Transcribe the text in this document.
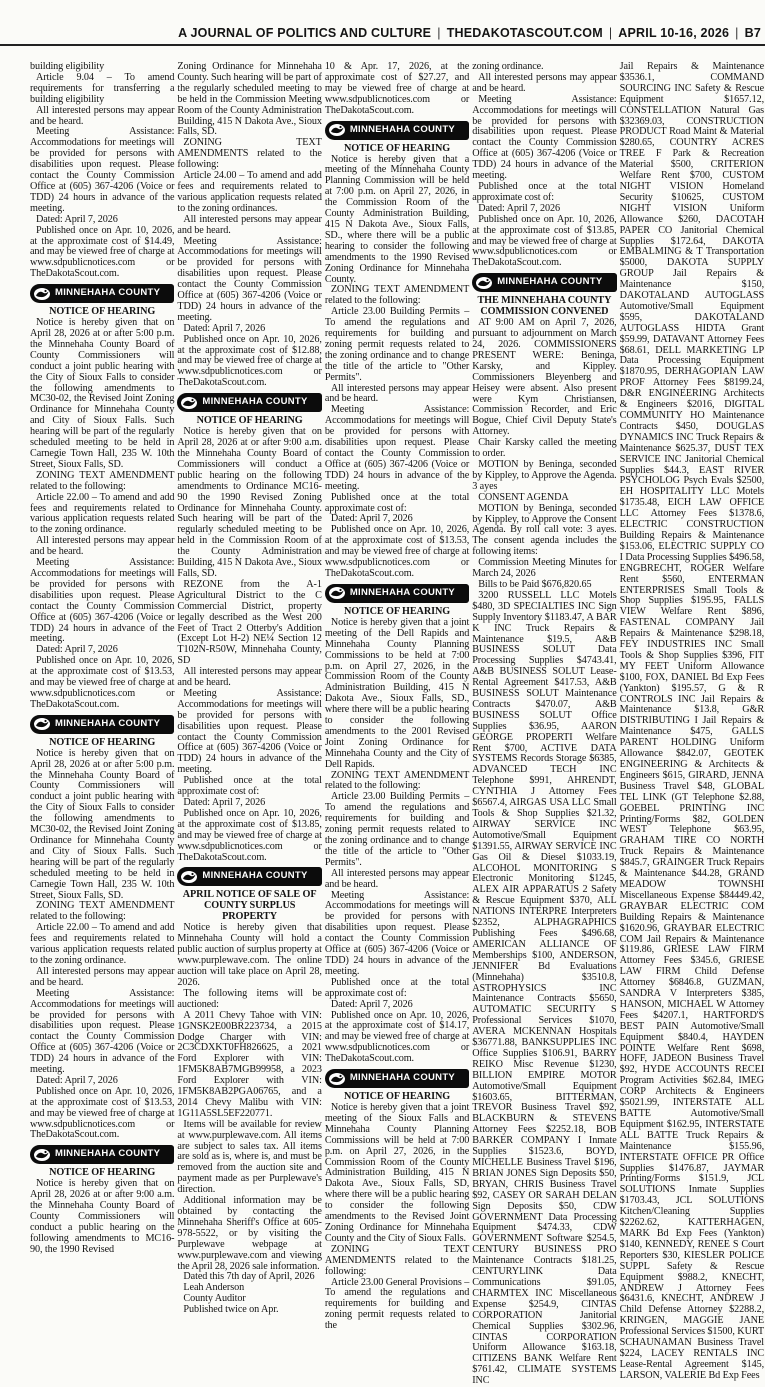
A JOURNAL OF POLITICS AND CULTURE | THEDAKOTASCOUT.COM | APRIL 10-16, 2026 | B7

building eligibility

Article 9.04 – To amend requirements for transferring a building eligibility

All interested persons may appear and be heard.

Meeting Assistance: Accommodations for meetings will be provided for persons with disabilities upon request. Please contact the County Commission Office at (605) 367-4206 (Voice or TDD) 24 hours in advance of the meeting.

Dated: April 7, 2026

Published once on Apr. 10, 2026, at the approximate cost of $14.49, and may be viewed free of charge at www.sdpublicnotices.com or TheDakotaScout.com.

MINNEHAHA COUNTY
NOTICE OF HEARING

Notice is hereby given that on April 28, 2026 at or after 5:00 p.m. the Minnehaha County Board of County Commissioners will conduct a joint public hearing with the City of Sioux Falls to consider the following amendments to MC30-02, the Revised Joint Zoning Ordinance for Minnehaha County and City of Sioux Falls. Such hearing will be part of the regularly scheduled meeting to be held in Carnegie Town Hall, 235 W. 10th Street, Sioux Falls, SD.

ZONING TEXT AMENDMENT related to the following:

Article 22.00 – To amend and add fees and requirements related to various application requests related to the zoning ordinance.

All interested persons may appear and be heard.

Meeting Assistance: Accommodations for meetings will be provided for persons with disabilities upon request. Please contact the County Commission Office at (605) 367-4206 (Voice or TDD) 24 hours in advance of the meeting.

Dated: April 7, 2026

Published once on Apr. 10, 2026, at the approximate cost of $13.53, and may be viewed free of charge at www.sdpublicnotices.com or TheDakotaScout.com.

MINNEHAHA COUNTY
NOTICE OF HEARING

Notice is hereby given that on April 28, 2026 at or after 5:00 p.m. the Minnehaha County Board of County Commissioners will conduct a joint public hearing with the City of Sioux Falls to consider the following amendments to MC30-02, the Revised Joint Zoning Ordinance for Minnehaha County and City of Sioux Falls. Such hearing will be part of the regularly scheduled meeting to be held in Carnegie Town Hall, 235 W. 10th Street, Sioux Falls, SD.

ZONING TEXT AMENDMENT related to the following:

Article 22.00 – To amend and add fees and requirements related to various application requests related to the zoning ordinance.

All interested persons may appear and be heard.

Meeting Assistance: Accommodations for meetings will be provided for persons with disabilities upon request. Please contact the County Commission Office at (605) 367-4206 (Voice or TDD) 24 hours in advance of the meeting.

Dated: April 7, 2026

Published once on Apr. 10, 2026, at the approximate cost of $13.53, and may be viewed free of charge at www.sdpublicnotices.com or TheDakotaScout.com.

MINNEHAHA COUNTY
NOTICE OF HEARING

Notice is hereby given that on April 28, 2026 at or after 9:00 a.m. the Minnehaha County Board of County Commissioners will conduct a public hearing on the following amendments to MC16-90, the 1990 Revised

Zoning Ordinance for Minnehaha County. Such hearing will be part of the regularly scheduled meeting to be held in the Commission Meeting Room of the County Administration Building, 415 N Dakota Ave., Sioux Falls, SD.

ZONING TEXT AMENDMENTS related to the following:

Article 24.00 – To amend and add fees and requirements related to various application requests related to the zoning ordinances.

All interested persons may appear and be heard.

Meeting Assistance: Accommodations for meetings will be provided for persons with disabilities upon request. Please contact the County Commission Office at (605) 367-4206 (Voice or TDD) 24 hours in advance of the meeting.

Dated: April 7, 2026

Published once on Apr. 10, 2026, at the approximate cost of $12.88, and may be viewed free of charge at www.sdpublicnotices.com or TheDakotaScout.com.

MINNEHAHA COUNTY
NOTICE OF HEARING

Notice is hereby given that on April 28, 2026 at or after 9:00 a.m. the Minnehaha County Board of Commissioners will conduct a public hearing on the following amendments to Ordinance MC16-90 the 1990 Revised Zoning Ordinance for Minnehaha County. Such hearing will be part of the regularly scheduled meeting to be held in the Commission Room of the County Administration Building, 415 N Dakota Ave., Sioux Falls, SD.

REZONE from the A-1 Agricultural District to the C Commercial District, property legally described as the West 200 Feet of Tract 2 Otterby's Addition (Except Lot H-2) NE¼ Section 12 T102N-R50W, Minnehaha County, SD

All interested persons may appear and be heard.

Meeting Assistance: Accommodations for meetings will be provided for persons with disabilities upon request. Please contact the County Commission Office at (605) 367-4206 (Voice or TDD) 24 hours in advance of the meeting.

Published once at the total approximate cost of:

Dated: April 7, 2026

Published once on Apr. 10, 2026, at the approximate cost of $13.85, and may be viewed free of charge at www.sdpublicnotices.com or TheDakotaScout.com.

MINNEHAHA COUNTY
APRIL NOTICE OF SALE OF COUNTY SURPLUS PROPERTY

Notice is hereby given that Minnehaha County will hold a public auction of surplus property at www.purplewave.com. The online auction will take place on April 28, 2026.

The following items will be auctioned:

A 2011 Chevy Tahoe with VIN: 1GNSK2E00BR223734, a 2015 Dodge Charger with VIN: 2C3CDXKT0FH826625, a 2021 Ford Explorer with VIN: 1FM5K8AB7MGB99958, a 2023 Ford Explorer with VIN: 1FM5K8AB2PGA06765, and a 2014 Chevy Malibu with VIN: 1G11A5SL5EF220771.

Items will be available for review at www.purplewave.com. All items are subject to sales tax. All items are sold as is, where is, and must be removed from the auction site and payment made as per Purplewave's direction.

Additional information may be obtained by contacting the Minnehaha Sheriff's Office at 605-978-5522, or by visiting the Purplewave webpage at www.purplewave.com and viewing the April 28, 2026 sale information.

Dated this 7th day of April, 2026

Leah Anderson

County Auditor

Published twice on Apr.

10 & Apr. 17, 2026, at the approximate cost of $27.27, and may be viewed free of charge at www.sdpublicnotices.com or TheDakotaScout.com.

MINNEHAHA COUNTY
NOTICE OF HEARING

Notice is hereby given that a meeting of the Minnehaha County Planning Commission will be held at 7:00 p.m. on April 27, 2026, in the Commission Room of the County Administration Building, 415 N Dakota Ave., Sioux Falls, SD., where there will be a public hearing to consider the following amendments to the 1990 Revised Zoning Ordinance for Minnehaha County.

ZONING TEXT AMENDMENT related to the following:

Article 23.00 Building Permits – To amend the regulations and requirements for building and zoning permit requests related to the zoning ordinance and to change the title of the article to "Other Permits".

All interested persons may appear and be heard.

Meeting Assistance: Accommodations for meetings will be provided for persons with disabilities upon request. Please contact the County Commission Office at (605) 367-4206 (Voice or TDD) 24 hours in advance of the meeting.

Published once at the total approximate cost of:

Dated: April 7, 2026

Published once on Apr. 10, 2026, at the approximate cost of $13.53, and may be viewed free of charge at www.sdpublicnotices.com or TheDakotaScout.com.

MINNEHAHA COUNTY
NOTICE OF HEARING

Notice is hereby given that a joint meeting of the Dell Rapids and Minnehaha County Planning Commissions to be held at 7:00 p.m. on April 27, 2026, in the Commission Room of the County Administration Building, 415 N Dakota Ave., Sioux Falls, SD., where there will be a public hearing to consider the following amendments to the 2001 Revised Joint Zoning Ordinance for Minnehaha County and the City of Dell Rapids.

ZONING TEXT AMENDMENT related to the following:

Article 23.00 Building Permits – To amend the regulations and requirements for building and zoning permit requests related to the zoning ordinance and to change the title of the article to "Other Permits".

All interested persons may appear and be heard.

Meeting Assistance: Accommodations for meetings will be provided for persons with disabilities upon request. Please contact the County Commission Office at (605) 367-4206 (Voice or TDD) 24 hours in advance of the meeting.

Published once at the total approximate cost of:

Dated: April 7, 2026

Published once on Apr. 10, 2026, at the approximate cost of $14.17, and may be viewed free of charge at www.sdpublicnotices.com or TheDakotaScout.com.

MINNEHAHA COUNTY
NOTICE OF HEARING

Notice is hereby given that a joint meeting of the Sioux Falls and Minnehaha County Planning Commissions will be held at 7:00 p.m. on April 27, 2026, in the Commission Room of the County Administration Building, 415 N Dakota Ave., Sioux Falls, SD, where there will be a public hearing to consider the following amendments to the Revised Joint Zoning Ordinance for Minnehaha County and the City of Sioux Falls.

ZONING TEXT AMENDMENTS related to the following:

Article 23.00 General Provisions – To amend the regulations and requirements for building and zoning permit requests related to the

zoning ordinance.

All interested persons may appear and be heard.

Meeting Assistance: Accommodations for meetings will be provided for persons with disabilities upon request. Please contact the County Commission Office at (605) 367-4206 (Voice or TDD) 24 hours in advance of the meeting.

Published once at the total approximate cost of:

Dated: April 7, 2026

Published once on Apr. 10, 2026, at the approximate cost of $13.85, and may be viewed free of charge at www.sdpublicnotices.com or TheDakotaScout.com.

MINNEHAHA COUNTY
THE MINNEHAHA COUNTY COMMISSION CONVENED

AT 9:00 AM on April 7, 2026, pursuant to adjournment on March 24, 2026. COMMISSIONERS PRESENT WERE: Beninga, Karsky, and Kippley. Commissioners Bleyenberg and Heisey were absent. Also present were Kym Christiansen, Commission Recorder, and Eric Bogue, Chief Civil Deputy State's Attorney.

Chair Karsky called the meeting to order.

MOTION by Beninga, seconded by Kippley, to Approve the Agenda. 3 ayes

CONSENT AGENDA

MOTION by Beninga, seconded by Kippley, to Approve the Consent Agenda. By roll call vote: 3 ayes. The consent agenda includes the following items:

Commission Meeting Minutes for March 24, 2026

Bills to be Paid $676,820.65

3200 RUSSELL LLC Motels $480, 3D SPECIALTIES INC Sign Supply Inventory $1183.47, A BAR K INC Truck Repairs & Maintenance $19.5, A&B BUSINESS SOLUT Data Processing Supplies $4743.41, A&B BUSINESS SOLUT Lease-Rental Agreement $417.53, A&B BUSINESS SOLUT Maintenance Contracts $470.07, A&B BUSINESS SOLUT Office Supplies $36.95, AARON GEORGE PROPERTI Welfare Rent $700, ACTIVE DATA SYSTEMS Records Storage $6385, ADVANCED TECH INC Telephone $991, AHRENDT, CYNTHIA J Attorney Fees $6567.4, AIRGAS USA LLC Small Tools & Shop Supplies $21.32, AIRWAY SERVICE INC Automotive/Small Equipment $1391.55, AIRWAY SERVICE INC Gas Oil & Diesel $1033.19, ALCOHOL MONITORING S Electronic Monitoring $1245, ALEX AIR APPARATUS 2 Safety & Rescue Equipment $370, ALL NATIONS INTERPRE Interpreters $2352, ALPHAGRAPHICS Publishing Fees $496.68, AMERICAN ALLIANCE OF Memberships $100, ANDERSON, JENNIFER Bd Evaluations (Minnehaha) $3510.8, ASTROPHYSICS INC Maintenance Contracts $5650, AUTOMATIC SECURITY S Professional Services $1070, AVERA MCKENNAN Hospitals $36771.88, BANKSUPPLIES INC Office Supplies $106.91, BARRY REIKO Misc Revenue $1230, BILLION EMPIRE MOTOR Automotive/Small Equipment $1603.65, BITTERMAN, TREVOR Business Travel $92, BLACKBURN & STEVENS Attorney Fees $2252.18, BOB BARKER COMPANY I Inmate Supplies $1523.6, BOYD, MICHELLE Business Travel $196, BRIAN JONES Sign Deposits $50, BRYAN, CHRIS Business Travel $92, CASEY OR SARAH DELAN Sign Deposits $50, CDW GOVERNMENT Data Processing Equipment $474.33, CDW GOVERNMENT Software $254.5, CENTURY BUSINESS PRO Maintenance Contracts $181.25, CENTURYLINK Data Communications $91.05, CHARMTEX INC Miscellaneous Expense $254.9, CINTAS CORPORATION Janitorial Chemical Supplies $302.96, CINTAS CORPORATION Uniform Allowance $163.18, CITIZENS BANK Welfare Rent $761.42, CLIMATE SYSTEMS INC

Jail Repairs & Maintenance $3536.1, COMMAND SOURCING INC Safety & Rescue Equipment $1657.12, CONSTELLATION Natural Gas $32369.03, CONSTRUCTION PRODUCT Road Maint & Material $280.65, COUNTRY ACRES TREE F Park & Recreation Material $500, CRITERION Welfare Rent $700, CUSTOM NIGHT VISION Homeland Security $10625, CUSTOM NIGHT VISION Uniform Allowance $260, DACOTAH PAPER CO Janitorial Chemical Supplies $172.64, DAKOTA EMBALMING & T Transportation $5000, DAKOTA SUPPLY GROUP Jail Repairs & Maintenance $150, DAKOTALAND AUTOGLASS Automotive/Small Equipment $595, DAKOTALAND AUTOGLASS HIDTA Grant $59.99, DATAVANT Attorney Fees $68.61, DELL MARKETING LP Data Processing Equipment $1870.95, DERHAGOPIAN LAW PROF Attorney Fees $8199.24, D&R ENGINEERING Architects & Engineers $2016, DIGITAL COMMUNITY HO Maintenance Contracts $450, DOUGLAS DYNAMICS INC Truck Repairs & Maintenance $625.37, DUST TEX SERVICE INC Janitorial Chemical Supplies $44.3, EAST RIVER PSYCHOLOG Psych Evals $2500, EH HOSPITALITY LLC Motels $1735.48, EICH LAW OFFICE LLC Attorney Fees $1378.6, ELECTRIC CONSTRUCTION Building Repairs & Maintenance $153.06, ELECTRIC SUPPLY CO I Data Processing Supplies $496.58, ENGBRECHT, ROGER Welfare Rent $560, ENTERMAN ENTERPRISES Small Tools & Shop Supplies $195.95, FALLS VIEW Welfare Rent $896, FASTENAL COMPANY Jail Repairs & Maintenance $298.18, FEY INDUSTRIES INC Small Tools & Shop Supplies $396, FIT MY FEET Uniform Allowance $100, FOX, DANIEL Bd Exp Fees (Yankton) $195.57, G & R CONTROLS INC Jail Repairs & Maintenance $13.8, G&R DISTRIBUTING I Jail Repairs & Maintenance $475, GALLS PARENT HOLDING Uniform Allowance $842.07, GEOTEK ENGINEERING & Architects & Engineers $615, GIRARD, JENNA Business Travel $48, GLOBAL TEL LINK (GT Telephone $2.88, GOEBEL PRINTING INC Printing/Forms $82, GOLDEN WEST Telephone $63.95, GRAHAM TIRE CO NORTH Truck Repairs & Maintenance $845.7, GRAINGER Truck Repairs & Maintenance $44.28, GRAND MEADOW TOWNSHI Miscellaneous Expense $84449.42, GRAYBAR ELECTRIC COM Building Repairs & Maintenance $1620.96, GRAYBAR ELECTRIC COM Jail Repairs & Maintenance $119.86, GRIESE LAW FIRM Attorney Fees $345.6, GRIESE LAW FIRM Child Defense Attorney $6846.8, GUZMAN, SANDRA V Interpreters $385, HANSON, MICHAEL W Attorney Fees $4207.1, HARTFORD'S BEST PAIN Automotive/Small Equipment $840.4, HAYDEN POINTE Welfare Rent $698, HOFF, JADEON Business Travel $92, HYDE ACCOUNTS RECEI Program Activities $62.84, IMEG CORP Architects & Engineers $5021.99, INTERSTATE ALL BATTE Automotive/Small Equipment $162.95, INTERSTATE ALL BATTE Truck Repairs & Maintenance $155.96, INTERSTATE OFFICE PR Office Supplies $1476.87, JAYMAR Printing/Forms $151.9, JCL SOLUTIONS Inmate Supplies $1703.43, JCL SOLUTIONS Kitchen/Cleaning Supplies $2262.62, KATTERHAGEN, MARK Bd Exp Fees (Yankton) $140, KENNEDY, RENEE S Court Reporters $30, KIESLER POLICE SUPPL Safety & Rescue Equipment $988.2, KNECHT, ANDREW J Attorney Fees $6431.6, KNECHT, ANDREW J Child Defense Attorney $2288.2, KRINGEN, MAGGIE JANE Professional Services $1500, KURT SCHAUNAMAN Business Travel $224, LACEY RENTALS INC Lease-Rental Agreement $145, LARSON, VALERIE Bd Exp Fees
